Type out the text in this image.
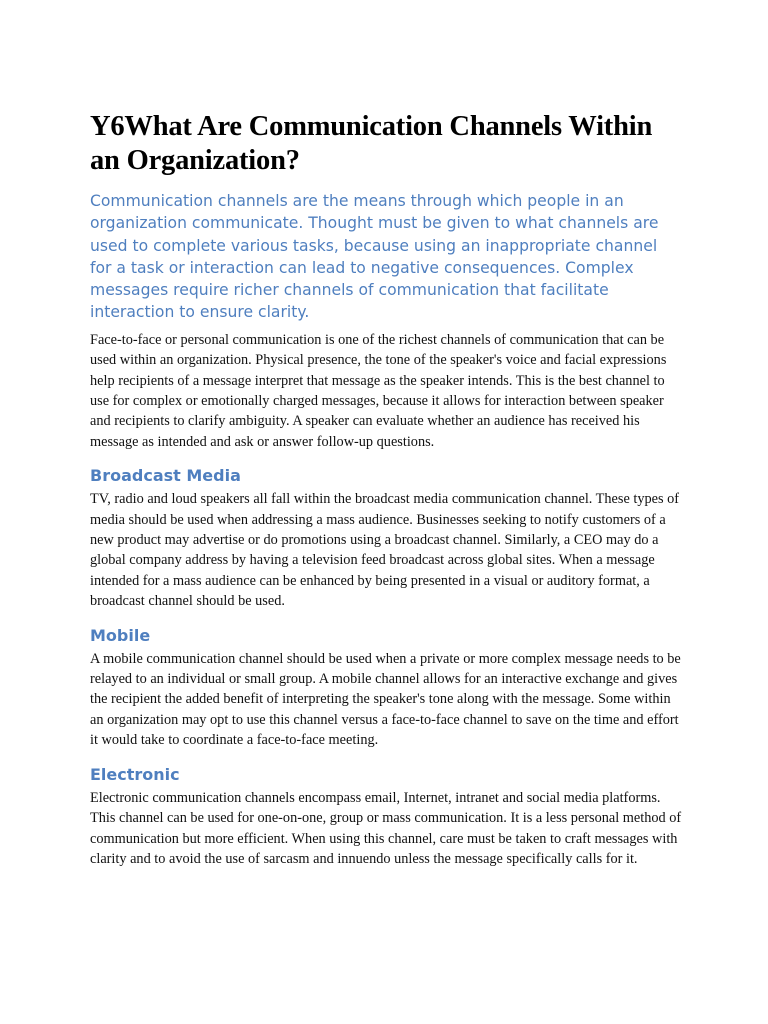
Y6What Are Communication Channels Within an Organization?

Communication channels are the means through which people in an organization communicate. Thought must be given to what channels are used to complete various tasks, because using an inappropriate channel for a task or interaction can lead to negative consequences. Complex messages require richer channels of communication that facilitate interaction to ensure clarity.

Face-to-face or personal communication is one of the richest channels of communication that can be used within an organization. Physical presence, the tone of the speaker's voice and facial expressions help recipients of a message interpret that message as the speaker intends. This is the best channel to use for complex or emotionally charged messages, because it allows for interaction between speaker and recipients to clarify ambiguity. A speaker can evaluate whether an audience has received his message as intended and ask or answer follow-up questions.

Broadcast Media

TV, radio and loud speakers all fall within the broadcast media communication channel. These types of media should be used when addressing a mass audience. Businesses seeking to notify customers of a new product may advertise or do promotions using a broadcast channel. Similarly, a CEO may do a global company address by having a television feed broadcast across global sites. When a message intended for a mass audience can be enhanced by being presented in a visual or auditory format, a broadcast channel should be used.

Mobile

A mobile communication channel should be used when a private or more complex message needs to be relayed to an individual or small group. A mobile channel allows for an interactive exchange and gives the recipient the added benefit of interpreting the speaker's tone along with the message. Some within an organization may opt to use this channel versus a face-to-face channel to save on the time and effort it would take to coordinate a face-to-face meeting.

Electronic

Electronic communication channels encompass email, Internet, intranet and social media platforms. This channel can be used for one-on-one, group or mass communication. It is a less personal method of communication but more efficient. When using this channel, care must be taken to craft messages with clarity and to avoid the use of sarcasm and innuendo unless the message specifically calls for it.
